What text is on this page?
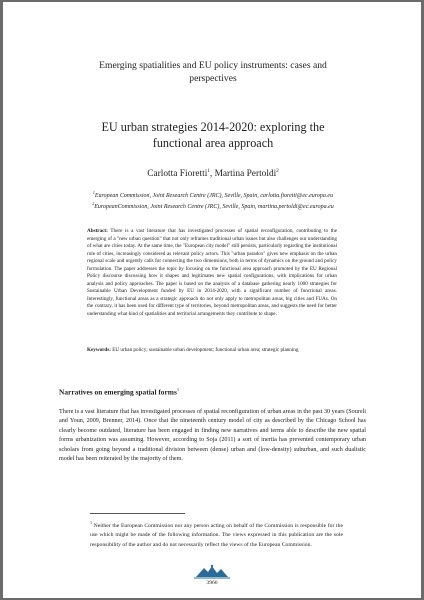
Emerging spatialities and EU policy instruments: cases and
perspectives
EU urban strategies 2014-2020: exploring the
functional area approach
Carlotta Fioretti$^1$, Martina Pertoldi$^2$
$^1$European Commission, Joint Research Centre (JRC), Seville, Spain, carlotta.fioretti@ec.europa.eu
$^2$EuropeanCommission, Joint Research Centre (JRC), Seville, Spain, martina.pertoldi@ec.europa.eu

Abstract: There is a vast literature that has investigated processes of spatial reconfiguration, contributing to the emerging of a "new urban question" that not only reframes traditional urban issues but also challenges our understanding of what are cities today. At the same time, the "European city model" still persists, particularly regarding the institutional role of cities, increasingly considered as relevant policy actors. This "urban paradox" gives new emphasis on the urban regional scale and urgently calls for connecting the two dimensions, both in terms of dynamics on the ground and policy formulation. The paper addresses the topic by focusing on the functional area approach promoted by the EU Regional Policy discourse discussing how it shapes and legitimates new spatial configurations, with implications for urban analysis and policy approaches. The paper is based on the analysis of a database gathering nearly 1000 strategies for Sustainable Urban Development funded by EU in 2014-2020, with a significant number of functional areas. Interestingly, functional areas as a strategic approach do not only apply to metropolitan areas, big cities and FUAs. On the contrary, it has been used for different type of territories, beyond metropolitan areas, and suggests the need for better understanding what kind of spatialities and territorial arrangements they contribute to shape.

Keywords: EU urban policy; sustainable urban development; functional urban area; strategic planning

Narratives on emerging spatial forms$^1$

There is a vast literature that has investigated processes of spatial reconfiguration of urban areas in the past 30 years (Soureli and Youn, 2009, Brenner, 2014). Once that the nineteenth century model of city as described by the Chicago School has clearly become outdated, literature has been engaged in finding new narratives and terms able to describe the new spatial forms urbanization was assuming. However, according to Soja (2011) a sort of inertia has prevented contemporary urban scholars from going beyond a traditional division between (dense) urban and (low-density) suburban, and such dualistic model has been reiterated by the majority of them.

$^1$ Neither the European Commission nor any person acting on behalf of the Commission is responsible for the use which might be made of the following information. The views expressed in this publication are the sole responsibility of the author and do not necessarily reflect the views of the European Commission.

3966
